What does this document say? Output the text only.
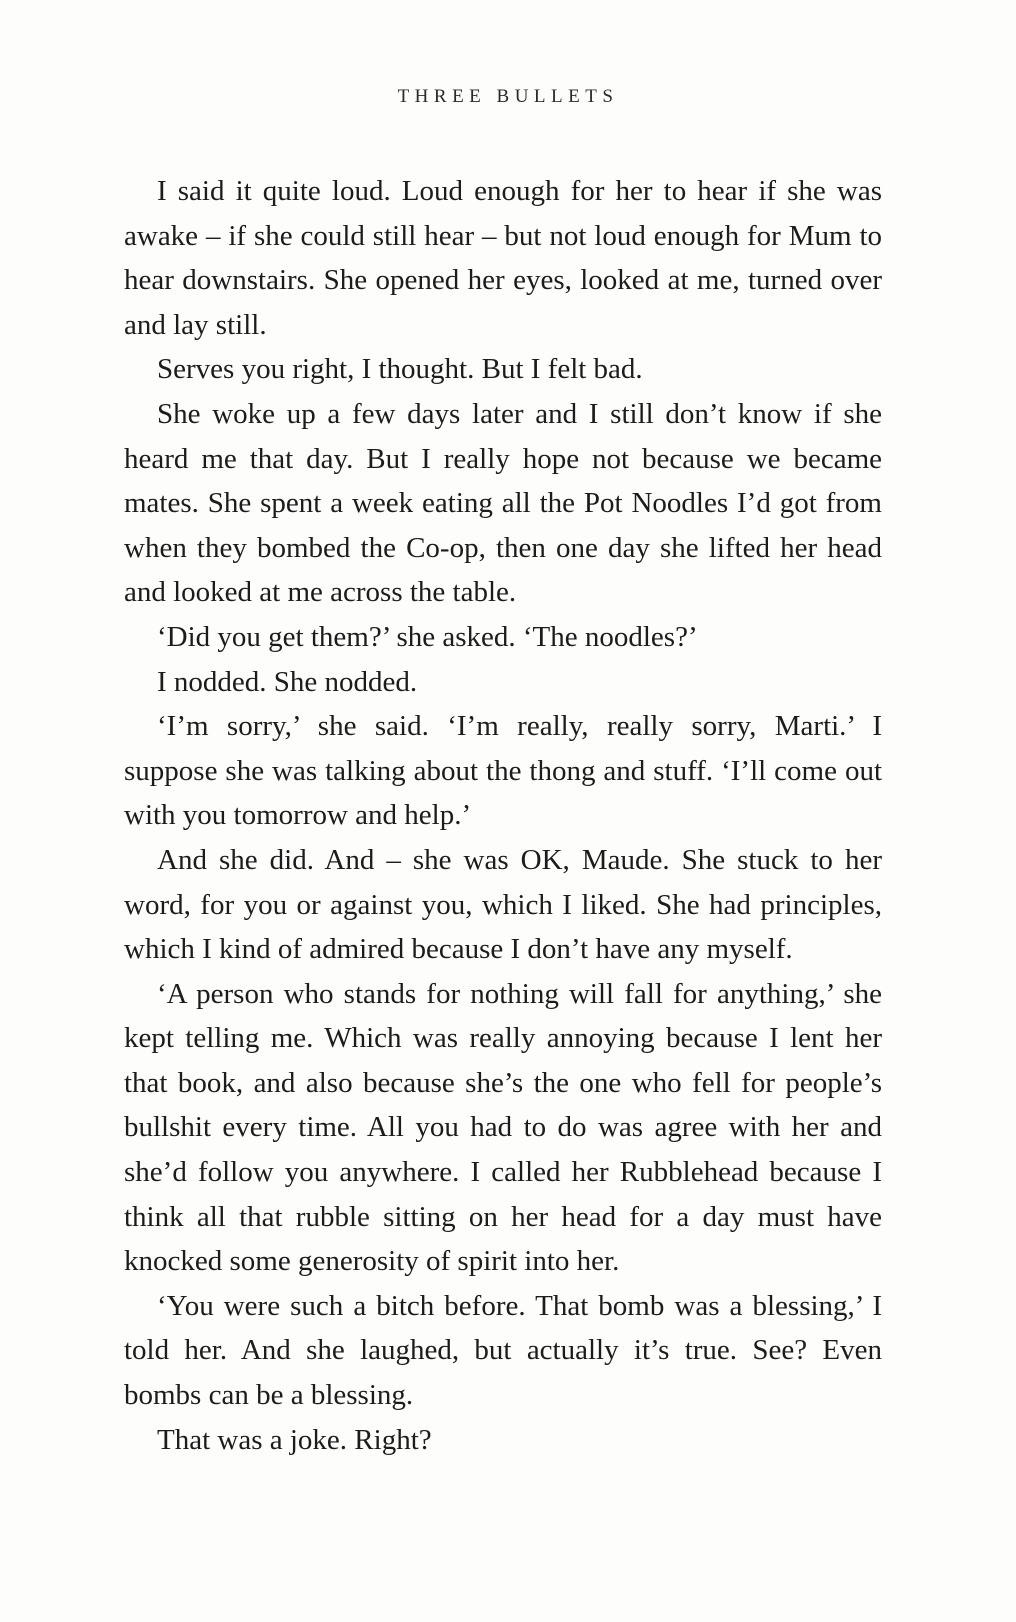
THREE BULLETS

I said it quite loud. Loud enough for her to hear if she was awake – if she could still hear – but not loud enough for Mum to hear downstairs. She opened her eyes, looked at me, turned over and lay still.

Serves you right, I thought. But I felt bad.

She woke up a few days later and I still don’t know if she heard me that day. But I really hope not because we became mates. She spent a week eating all the Pot Noodles I’d got from when they bombed the Co-op, then one day she lifted her head and looked at me across the table.

‘Did you get them?’ she asked. ‘The noodles?’

I nodded. She nodded.

‘I’m sorry,’ she said. ‘I’m really, really sorry, Marti.’ I suppose she was talking about the thong and stuff. ‘I’ll come out with you tomorrow and help.’

And she did. And – she was OK, Maude. She stuck to her word, for you or against you, which I liked. She had principles, which I kind of admired because I don’t have any myself.

‘A person who stands for nothing will fall for anything,’ she kept telling me. Which was really annoying because I lent her that book, and also because she’s the one who fell for people’s bullshit every time. All you had to do was agree with her and she’d follow you anywhere. I called her Rubblehead because I think all that rubble sitting on her head for a day must have knocked some generosity of spirit into her.

‘You were such a bitch before. That bomb was a blessing,’ I told her. And she laughed, but actually it’s true. See? Even bombs can be a blessing.

That was a joke. Right?
